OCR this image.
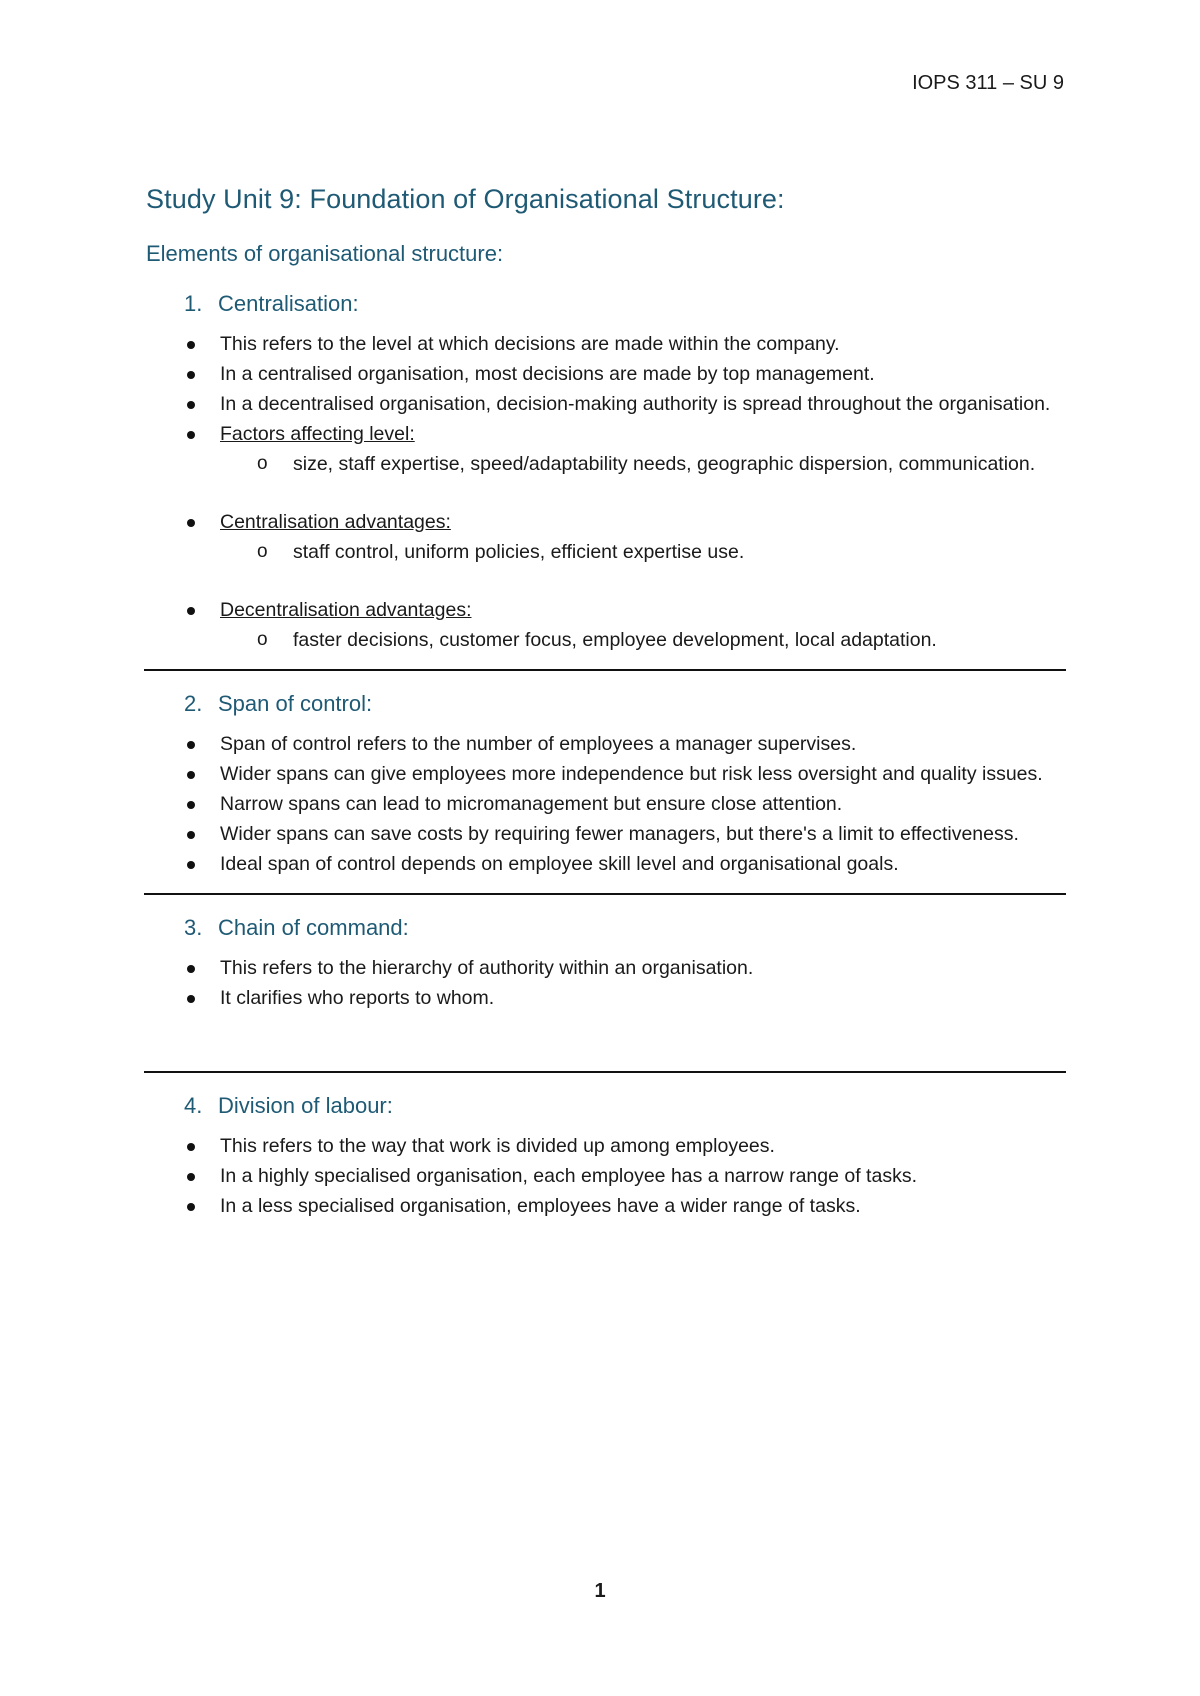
IOPS 311 – SU 9
Study Unit 9: Foundation of Organisational Structure:
Elements of organisational structure:
1. Centralisation:
This refers to the level at which decisions are made within the company.
In a centralised organisation, most decisions are made by top management.
In a decentralised organisation, decision-making authority is spread throughout the organisation.
Factors affecting level:
o size, staff expertise, speed/adaptability needs, geographic dispersion, communication.
Centralisation advantages:
o staff control, uniform policies, efficient expertise use.
Decentralisation advantages:
o faster decisions, customer focus, employee development, local adaptation.
2. Span of control:
Span of control refers to the number of employees a manager supervises.
Wider spans can give employees more independence but risk less oversight and quality issues.
Narrow spans can lead to micromanagement but ensure close attention.
Wider spans can save costs by requiring fewer managers, but there's a limit to effectiveness.
Ideal span of control depends on employee skill level and organisational goals.
3. Chain of command:
This refers to the hierarchy of authority within an organisation.
It clarifies who reports to whom.
4. Division of labour:
This refers to the way that work is divided up among employees.
In a highly specialised organisation, each employee has a narrow range of tasks.
In a less specialised organisation, employees have a wider range of tasks.
1
